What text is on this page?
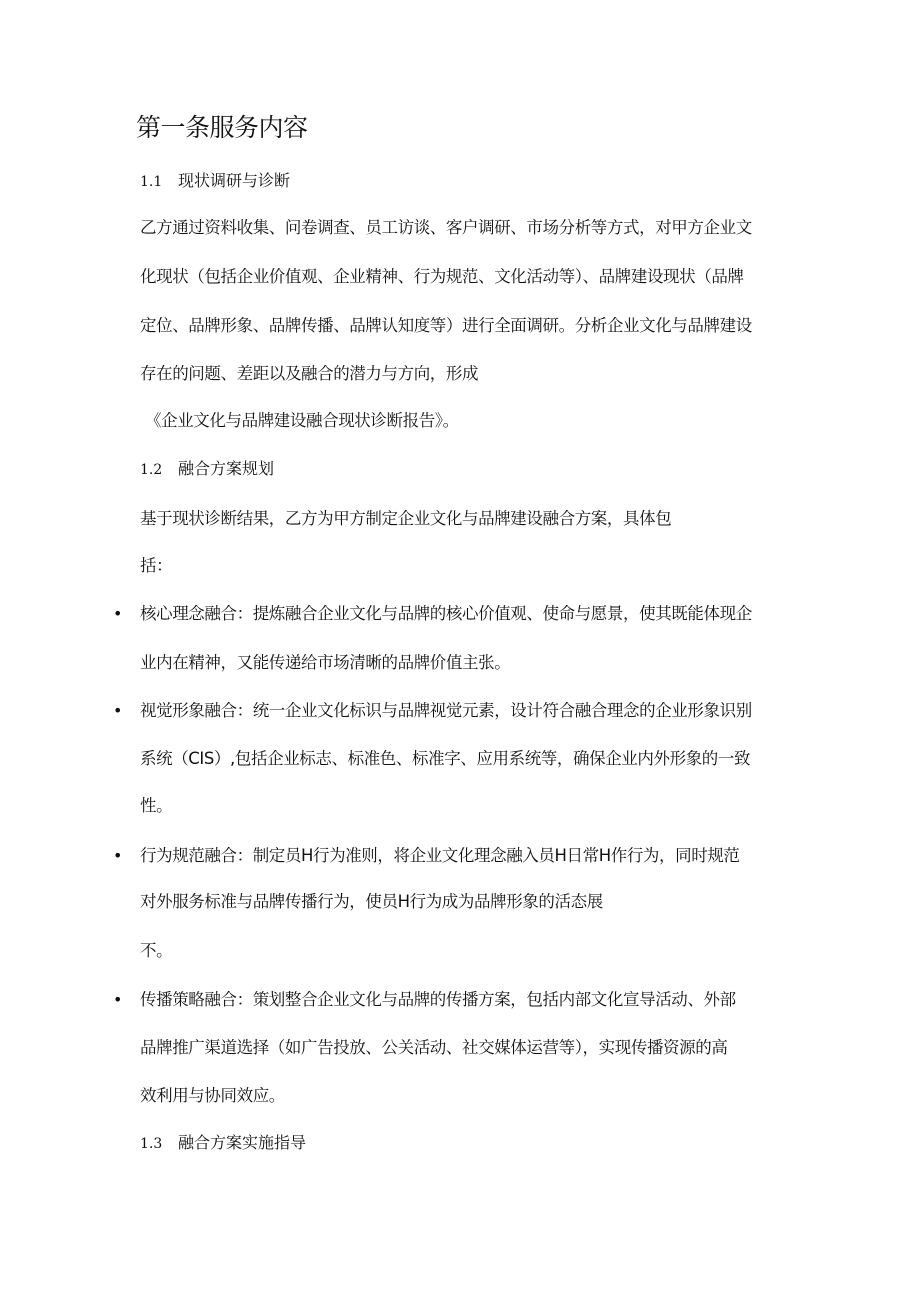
第一条服务内容
1.1 现状调研与诊断
乙方通过资料收集、问卷调查、员工访谈、客户调研、市场分析等方式，对甲方企业文
化现状（包括企业价值观、企业精神、行为规范、文化活动等）、品牌建设现状（品牌
定位、品牌形象、品牌传播、品牌认知度等）进行全面调研。分析企业文化与品牌建设
存在的问题、差距以及融合的潜力与方向，形成
《企业文化与品牌建设融合现状诊断报告》。
1.2 融合方案规划
基于现状诊断结果，乙方为甲方制定企业文化与品牌建设融合方案，具体包
括：
• 核心理念融合：提炼融合企业文化与品牌的核心价值观、使命与愿景，使其既能体现企
业内在精神，又能传递给市场清晰的品牌价值主张。
• 视觉形象融合：统一企业文化标识与品牌视觉元素，设计符合融合理念的企业形象识别
系统（CIS）,包括企业标志、标准色、标准字、应用系统等，确保企业内外形象的一致
性。
• 行为规范融合：制定员H行为准则，将企业文化理念融入员H日常H作行为，同时规范
对外服务标准与品牌传播行为，使员H行为成为品牌形象的活态展
不。
• 传播策略融合：策划整合企业文化与品牌的传播方案，包括内部文化宣导活动、外部
品牌推广渠道选择（如广告投放、公关活动、社交媒体运营等），实现传播资源的高
效利用与协同效应。
1.3 融合方案实施指导
